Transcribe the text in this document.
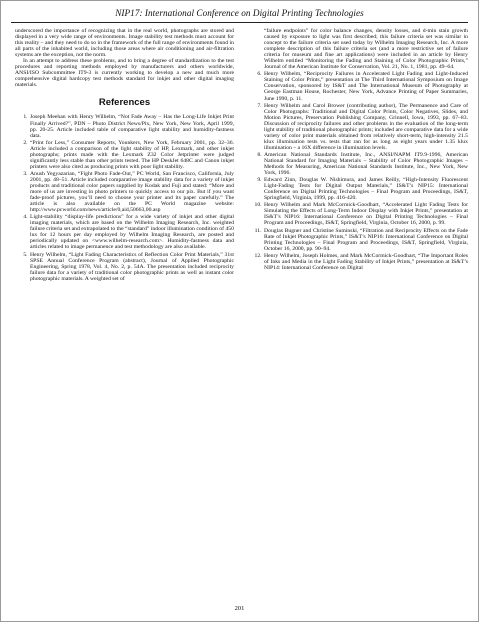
NIP17: International Conference on Digital Printing Technologies

underscored the importance of recognizing that in the real world, photographs are stored and displayed in a very wide range of environments. Image stability test methods must account for this reality – and they need to do so in the framework of the full range of environments found in all parts of the inhabited world, including those areas where air conditioning and air-filtration systems are the exception, not the norm.

In an attempt to address these problems, and to bring a degree of standardization to the test procedures and reporting methods employed by manufacturers and others worldwide, ANSI/ISO Subcommittee IT9-3 is currently working to develop a new and much more comprehensive digital hardcopy test methods standard for inkjet and other digital imaging materials.

References
1. Joseph Meehan with Henry Wilhelm, “Not Fade Away – Has the Long-Life Inkjet Print Finally Arrived?”, PDN – Photo District News/Pix, New York, New York, April 1999, pp. 20-25. Article included table of comparative light stability and humidity-fastness data.
2. “Print for Less,” Consumer Reports, Younkers, New York, February 2001, pp. 32–36. Article included a comparison of the light stability of HP, Lexmark, and other inkjet photographs; prints made with the Lexmark Z32 Color Jetprinter were judged significantly less stable than other prints tested. The HP DeskJet 648C and Canon inkjet printers were also cited as producing prints with poor light stability.
3. Anush Yegyazarian, “Fight Photo Fade-Out,” PC World, San Francisco, California, July 2001, pp. 48–51. Article included comparative image stability data for a variety of inkjet products and traditional color papers supplied by Kodak and Fuji and stated: “More and more of us are investing in photo printers to quickly access to our pix. But if you want fade-proof pictures, you’ll need to choose your printer and its paper carefully.” The article is also available on the PC World magazine website: http://www.pcworld.com/news/article/0,aid,50663,00.asp
4. Light-stability “display-life predictions” for a wide variety of inkjet and other digital imaging materials, which are based on the Wilhelm Imaging Research, Inc. weighted failure criteria set and extrapolated to the “standard” indoor illumination condition of 450 lux for 12 hours per day employed by Wilhelm Imaging Research, are posted and periodically updated on <www.wilhelm-research.com>. Humidity-fastness data and articles related to image permanence and test methodology are also available.
5. Henry Wilhelm, “Light Fading Characteristics of Reflection Color Print Materials,” 31st SPSE Annual Conference Program (abstract), Journal of Applied Photographic Engineering, Spring 1978, Vol. 4, No. 2, p. 54A. The presentation included reciprocity failure data for a variety of traditional color photographic prints as well as instant color photographic materials. A weighted set of
“failure endpoints” for color balance changes, density losses, and d-min stain growth caused by exposure to light was first described; this failure criteria set was similar in concept to the failure criteria set used today by Wilhelm Imaging Research, Inc. A more complete description of this failure criteria set (and a more restrictive set of failure criteria for museum and fine art applications) were included in an article by Henry Wilhelm entitled “Monitoring the Fading and Staining of Color Photographic Prints,” Journal of the American Institute for Conservation, Vol. 21, No. 1, 1981, pp. 49–64.
6. Henry Wilhelm, “Reciprocity Failures in Accelerated Light Fading and Light-Induced Staining of Color Prints,” presentation at The Third International Symposium on Image Conservation, sponsored by IS&T and The International Museum of Photography at George Eastman House, Rochester, New York, Advance Printing of Paper Summaries, June 1990, p. 11.
7. Henry Wilhelm and Carol Brower (contributing author), The Permanence and Care of Color Photographs: Traditional and Digital Color Prints, Color Negatives, Slides, and Motion Pictures, Preservation Publishing Company, Grinnell, Iowa, 1993, pp. 67–83. Discussion of reciprocity failures and other problems in the evaluation of the long-term light stability of traditional photographic prints; included are comparative data for a wide variety of color print materials obtained from relatively short-term, high-intensity 21.5 klux illumination tests vs. tests that ran for as long as eight years under 1.35 klux illumination – a 16X difference in illumination levels.
8. American National Standards Institute, Inc., ANSI/NAPM IT9.9-1996, American National Standard for Imaging Materials – Stability of Color Photographic Images – Methods for Measuring, American National Standards Institute, Inc., New York, New York, 1996.
9. Edward Zinn, Douglas W. Nishimura, and James Reilly, “High-Intensity Fluorescent Light-Fading Tests for Digital Output Materials,” IS&T’s NIP15: International Conference on Digital Printing Technologies – Final Program and Proceedings, IS&T, Springfield, Virginia, 1999, pp. 416-420.
10. Henry Wilhelm and Mark McCormick-Goodhart, “Accelerated Light Fading Tests for Simulating the Effects of Long-Term Indoor Display with Inkjet Prints,” presentation at IS&T’s NIP16: International Conference on Digital Printing Technologies – Final Program and Proceedings, IS&T, Springfield, Virginia, October 16, 2000, p. 99.
11. Douglas Bugner and Christine Suminski, “Filtration and Reciprocity Effects on the Fade Rate of Inkjet Photographic Prints,” IS&T’s NIP16: International Conference on Digital Printing Technologies – Final Program and Proceedings, IS&T, Springfield, Virginia, October 16, 2000, pp. 90–94.
12. Henry Wilhelm, Joseph Holmes, and Mark McCormick-Goodhart, “The Important Roles of Inks and Media in the Light Fading Stability of Inkjet Prints,” presentation at IS&T’s NIP14: International Conference on Digital
201
